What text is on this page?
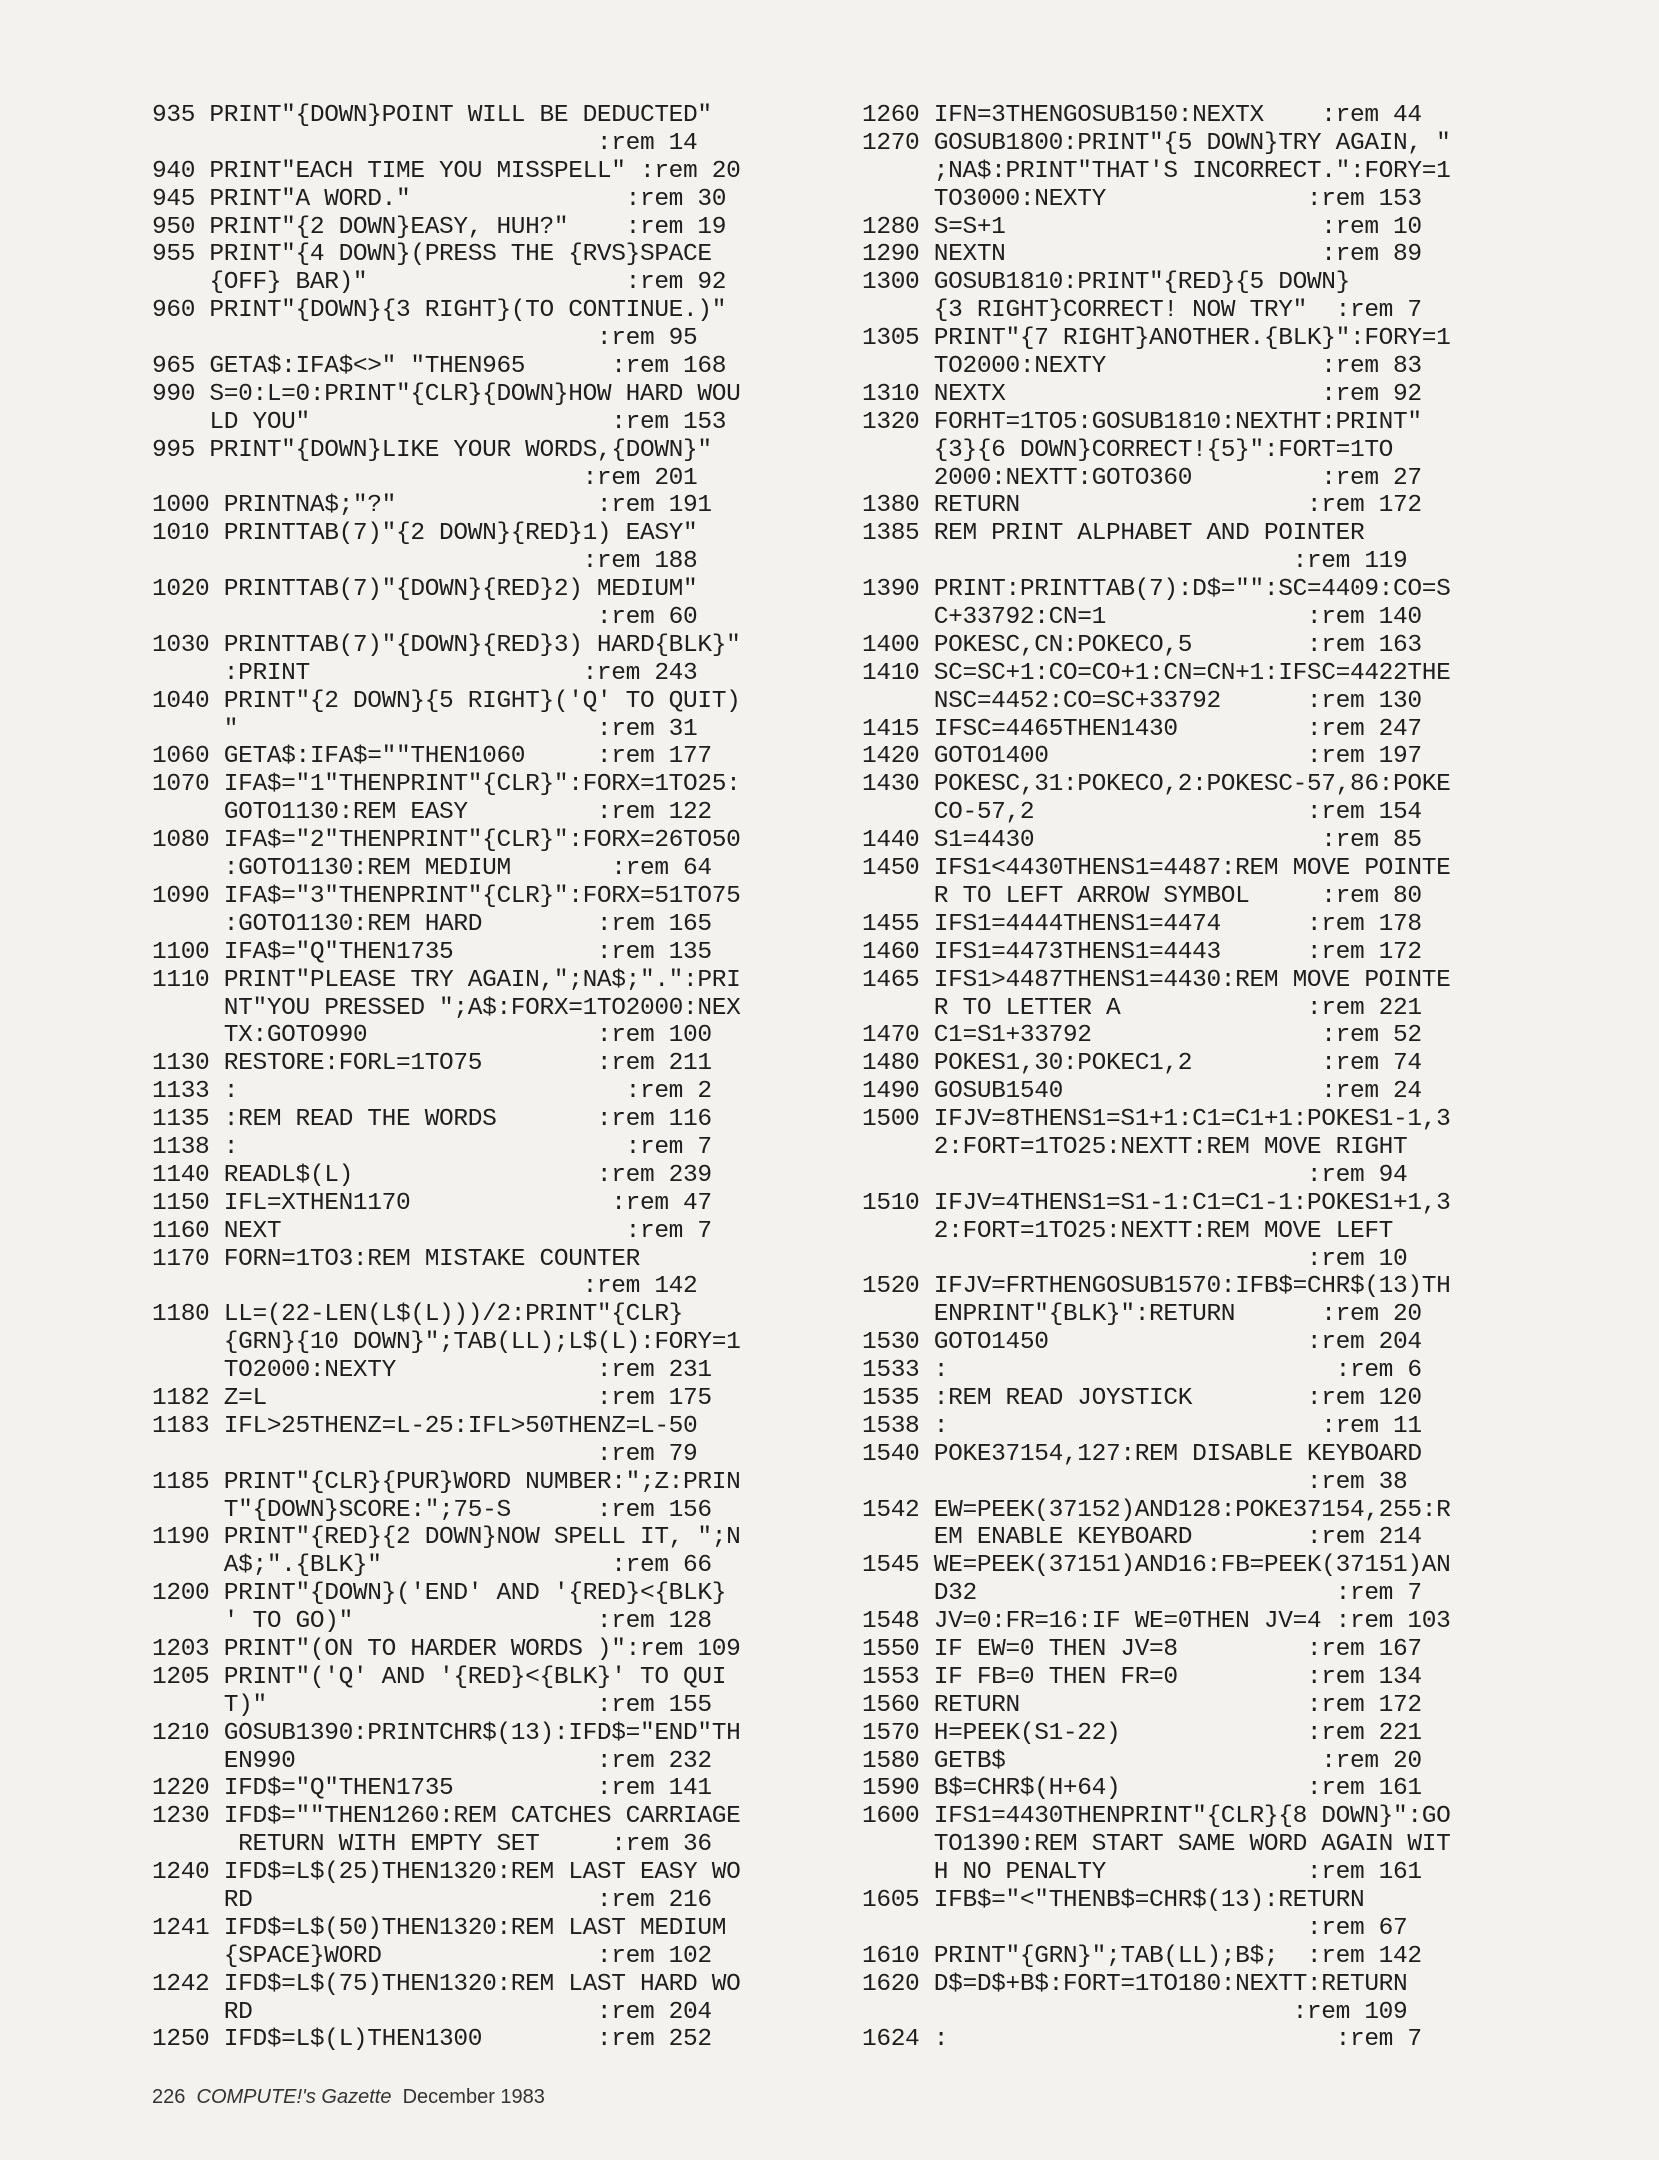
935 PRINT"{DOWN}POINT WILL BE DEDUCTED"
:rem 14
940 PRINT"EACH TIME YOU MISSPELL" :rem 20
945 PRINT"A WORD."               :rem 30
950 PRINT"{2 DOWN}EASY, HUH?"    :rem 19
955 PRINT"{4 DOWN}(PRESS THE {RVS}SPACE
{OFF} BAR)"                  :rem 92
960 PRINT"{DOWN}{3 RIGHT}(TO CONTINUE.)"
:rem 95
965 GETA$:IFA$<>" "THEN965      :rem 168
990 S=0:L=0:PRINT"{CLR}{DOWN}HOW HARD WOU
LD YOU"                     :rem 153
995 PRINT"{DOWN}LIKE YOUR WORDS,{DOWN}"
:rem 201
1000 PRINTNA$;"?"              :rem 191
1010 PRINTTAB(7)"{2 DOWN}{RED}1) EASY"
:rem 188
1020 PRINTTAB(7)"{DOWN}{RED}2) MEDIUM"
:rem 60
1030 PRINTTAB(7)"{DOWN}{RED}3) HARD{BLK}"
:PRINT                   :rem 243
1040 PRINT"{2 DOWN}{5 RIGHT}('Q' TO QUIT)
"                         :rem 31
1060 GETA$:IFA$=""THEN1060     :rem 177
1070 IFA$="1"THENPRINT"{CLR}":FORX=1TO25:
GOTO1130:REM EASY         :rem 122
1080 IFA$="2"THENPRINT"{CLR}":FORX=26TO50
:GOTO1130:REM MEDIUM       :rem 64
1090 IFA$="3"THENPRINT"{CLR}":FORX=51TO75
:GOTO1130:REM HARD        :rem 165
1100 IFA$="Q"THEN1735          :rem 135
1110 PRINT"PLEASE TRY AGAIN,";NA$;".":PRI
NT"YOU PRESSED ";A$:FORX=1TO2000:NEX
TX:GOTO990                :rem 100
1130 RESTORE:FORL=1TO75        :rem 211
1133 :                           :rem 2
1135 :REM READ THE WORDS       :rem 116
1138 :                           :rem 7
1140 READL$(L)                 :rem 239
1150 IFL=XTHEN1170              :rem 47
1160 NEXT                        :rem 7
1170 FORN=1TO3:REM MISTAKE COUNTER
:rem 142
1180 LL=(22-LEN(L$(L)))/2:PRINT"{CLR}
{GRN}{10 DOWN}";TAB(LL);L$(L):FORY=1
TO2000:NEXTY              :rem 231
1182 Z=L                       :rem 175
1183 IFL>25THENZ=L-25:IFL>50THENZ=L-50
:rem 79
1185 PRINT"{CLR}{PUR}WORD NUMBER:";Z:PRIN
T"{DOWN}SCORE:";75-S      :rem 156
1190 PRINT"{RED}{2 DOWN}NOW SPELL IT, ";N
A$;".{BLK}"                :rem 66
1200 PRINT"{DOWN}('END' AND '{RED}<{BLK}
' TO GO)"                 :rem 128
1203 PRINT"(ON TO HARDER WORDS )":rem 109
1205 PRINT"('Q' AND '{RED}<{BLK}' TO QUI
T)"                       :rem 155
1210 GOSUB1390:PRINTCHR$(13):IFD$="END"TH
EN990                     :rem 232
1220 IFD$="Q"THEN1735          :rem 141
1230 IFD$=""THEN1260:REM CATCHES CARRIAGE
RETURN WITH EMPTY SET     :rem 36
1240 IFD$=L$(25)THEN1320:REM LAST EASY WO
RD                        :rem 216
1241 IFD$=L$(50)THEN1320:REM LAST MEDIUM
{SPACE}WORD               :rem 102
1242 IFD$=L$(75)THEN1320:REM LAST HARD WO
RD                        :rem 204
1250 IFD$=L$(L)THEN1300        :rem 252
1260 IFN=3THENGOSUB150:NEXTX    :rem 44
1270 GOSUB1800:PRINT"{5 DOWN}TRY AGAIN, "
;NA$:PRINT"THAT'S INCORRECT.":FORY=1
TO3000:NEXTY              :rem 153
1280 S=S+1                      :rem 10
1290 NEXTN                      :rem 89
1300 GOSUB1810:PRINT"{RED}{5 DOWN}
{3 RIGHT}CORRECT! NOW TRY"  :rem 7
1305 PRINT"{7 RIGHT}ANOTHER.{BLK}":FORY=1
TO2000:NEXTY               :rem 83
1310 NEXTX                      :rem 92
1320 FORHT=1TO5:GOSUB1810:NEXTHT:PRINT"
{3}{6 DOWN}CORRECT!{5}":FORT=1TO
2000:NEXTT:GOTO360         :rem 27
1380 RETURN                    :rem 172
1385 REM PRINT ALPHABET AND POINTER
:rem 119
1390 PRINT:PRINTTAB(7):D$="":SC=4409:CO=S
C+33792:CN=1              :rem 140
1400 POKESC,CN:POKECO,5        :rem 163
1410 SC=SC+1:CO=CO+1:CN=CN+1:IFSC=4422THE
NSC=4452:CO=SC+33792      :rem 130
1415 IFSC=4465THEN1430         :rem 247
1420 GOTO1400                  :rem 197
1430 POKESC,31:POKECO,2:POKESC-57,86:POKE
CO-57,2                   :rem 154
1440 S1=4430                    :rem 85
1450 IFS1<4430THENS1=4487:REM MOVE POINTE
R TO LEFT ARROW SYMBOL     :rem 80
1455 IFS1=4444THENS1=4474      :rem 178
1460 IFS1=4473THENS1=4443      :rem 172
1465 IFS1>4487THENS1=4430:REM MOVE POINTE
R TO LETTER A             :rem 221
1470 C1=S1+33792                :rem 52
1480 POKES1,30:POKEC1,2         :rem 74
1490 GOSUB1540                  :rem 24
1500 IFJV=8THENS1=S1+1:C1=C1+1:POKES1-1,3
2:FORT=1TO25:NEXTT:REM MOVE RIGHT
:rem 94
1510 IFJV=4THENS1=S1-1:C1=C1-1:POKES1+1,3
2:FORT=1TO25:NEXTT:REM MOVE LEFT
:rem 10
1520 IFJV=FRTHENGOSUB1570:IFB$=CHR$(13)TH
ENPRINT"{BLK}":RETURN      :rem 20
1530 GOTO1450                  :rem 204
1533 :                           :rem 6
1535 :REM READ JOYSTICK        :rem 120
1538 :                          :rem 11
1540 POKE37154,127:REM DISABLE KEYBOARD
:rem 38
1542 EW=PEEK(37152)AND128:POKE37154,255:R
EM ENABLE KEYBOARD        :rem 214
1545 WE=PEEK(37151)AND16:FB=PEEK(37151)AN
D32                         :rem 7
1548 JV=0:FR=16:IF WE=0THEN JV=4 :rem 103
1550 IF EW=0 THEN JV=8         :rem 167
1553 IF FB=0 THEN FR=0         :rem 134
1560 RETURN                    :rem 172
1570 H=PEEK(S1-22)             :rem 221
1580 GETB$                      :rem 20
1590 B$=CHR$(H+64)             :rem 161
1600 IFS1=4430THENPRINT"{CLR}{8 DOWN}":GO
TO1390:REM START SAME WORD AGAIN WIT
H NO PENALTY              :rem 161
1605 IFB$="<"THENB$=CHR$(13):RETURN
:rem 67
1610 PRINT"{GRN}";TAB(LL);B$;  :rem 142
1620 D$=D$+B$:FORT=1TO180:NEXTT:RETURN
:rem 109
1624 :                           :rem 7
226 COMPUTE!'s Gazette December 1983
